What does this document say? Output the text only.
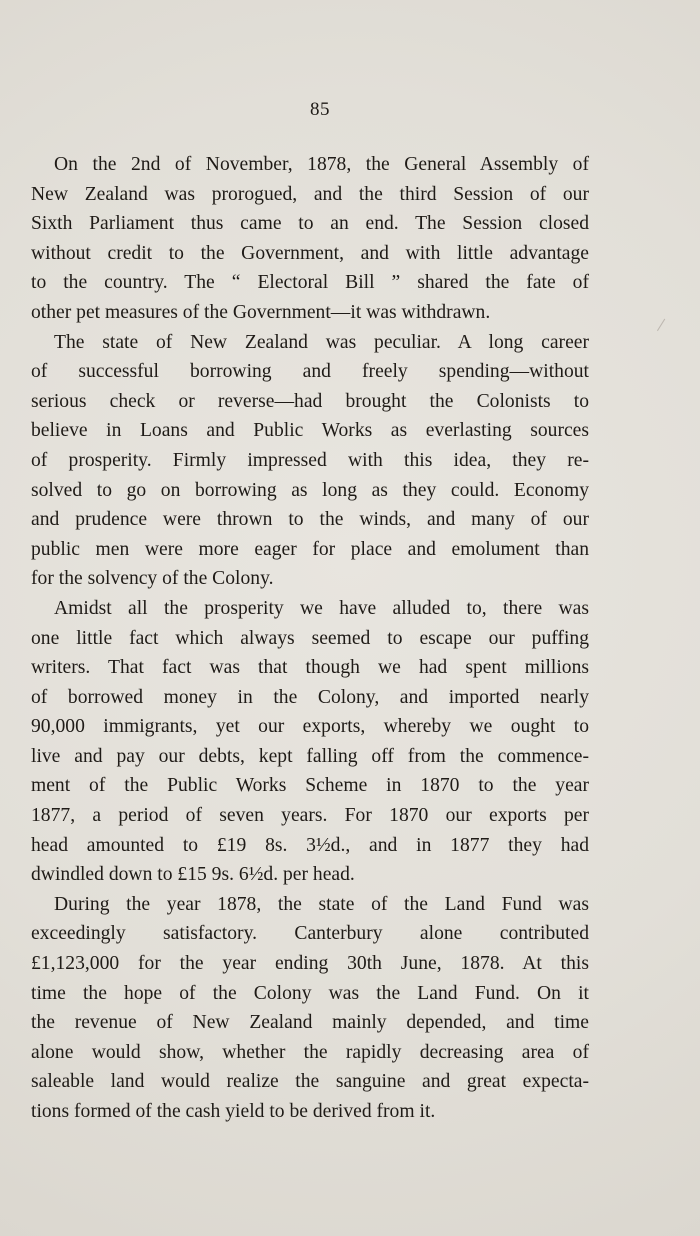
85
On the 2nd of November, 1878, the General Assembly of
New Zealand was prorogued, and the third Session of our
Sixth Parliament thus came to an end. The Session closed
without credit to the Government, and with little advantage
to the country. The “ Electoral Bill ” shared the fate of
other pet measures of the Government—it was withdrawn.
The state of New Zealand was peculiar. A long career
of successful borrowing and freely spending—without
serious check or reverse—had brought the Colonists to
believe in Loans and Public Works as everlasting sources
of prosperity. Firmly impressed with this idea, they re-
solved to go on borrowing as long as they could. Economy
and prudence were thrown to the winds, and many of our
public men were more eager for place and emolument than
for the solvency of the Colony.
Amidst all the prosperity we have alluded to, there was
one little fact which always seemed to escape our puffing
writers. That fact was that though we had spent millions
of borrowed money in the Colony, and imported nearly
90,000 immigrants, yet our exports, whereby we ought to
live and pay our debts, kept falling off from the commence-
ment of the Public Works Scheme in 1870 to the year
1877, a period of seven years. For 1870 our exports per
head amounted to £19 8s. 3½d., and in 1877 they had
dwindled down to £15 9s. 6½d. per head.
During the year 1878, the state of the Land Fund was
exceedingly satisfactory. Canterbury alone contributed
£1,123,000 for the year ending 30th June, 1878. At this
time the hope of the Colony was the Land Fund. On it
the revenue of New Zealand mainly depended, and time
alone would show, whether the rapidly decreasing area of
saleable land would realize the sanguine and great expecta-
tions formed of the cash yield to be derived from it.
